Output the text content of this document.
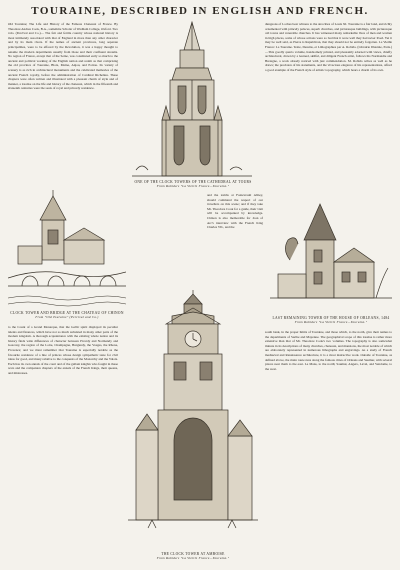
TOURAINE, DESCRIBED IN ENGLISH AND FRENCH.

Old Touraine; The Life and History of the Famous Chateaux of France. By Theodore Andrea Cook, B.A., sometime Scholar of Wadham College, Oxford. Two vols. (Percival and Co.)— The fair and fertile country whose national history is most intimately associated with that of England in more than any other character and by its main rivers. If the names of ancient provinces, long separate principalities, were to be effaced by the Revolution, it was a happy thought to rename the modern departments usually from those and their confluent streams. No region of France, except that of the Seine, was constituted early so much to the ancient and political working of the English nation and realm as that comprising the old province of Touraine, Blois, Maine, Anjou, and Poitou. Its variety of scenery is as rich in architectural monuments and the celebrated memories of the ancient French royalty, before the administration of Cardinal Richelieu. These chapters were often written and illustrated with a pleasant charm of style and of manner, a treatise on the life and history of the chateaux, which in the fifteenth and sixteenth centuries were the seats of royal and princely residence.

dungeons of Loches bear witness to the atrocities of Louis XI. Touraine is a fair land, and richly ornamented with princely palaces, superb churches, and picturesque buildings, with picturesque old towns and venerable churches. It has witnessed many remarkable lives of men and women in high places, some of whose actions were so bad that it were well they had never lived. Yet it may be well said, as Pierre is Republican, that they should not be entirely forgotten. La Vieille France: La Touraine. Texte, Dessins, et Lithographies par A. Robida. (Librairie Illustrée, Paris.)—This goodly quarto volume, handsomely printed, and pleasantly adorned with views, chiefly architectural, drawn by a learned, skilful, and diligent French artist, follows his Normandie and Bretagne, a work already noticed with just commendation. M. Robida writes as well as he draws; the precision of his statements, and the vivacious elegance of his representations, afford a good example of the French style of artistic topography, which bears a charm of its own.

ONE OF THE CLOCK TOWERS OF THE CATHEDRAL AT TOURS
From Robida's "La Vieille France—Touraine."

and the tombs at Fontevrault Abbey, should command the respect of our travellers on this scene; and if they take Mr. Theodore Cook for a guide, their visit will be accompanied by knowledge. Chinon is also memorable for Joan of Arc's interview with the French King Charles VII., and the

CLOCK TOWER AND BRIDGE AT THE CHATEAU OF CHINON
From "Old Touraine" (Percival and Co.)	LAST REMAINING TOWER OF THE HOUSE OF ORLEANS, 1484
From Robida's "La Vieille France—Touraine."

to the Count of a Grand Monarque, that the Gallic spirit displayed its peculiar talents and finances, which have not so much subsisted in many other parts of the modern kingdom. A thorough acquaintance with the existing whole nation and its history finds wide differences of character between Picardy and Normandy and Gascony, the region of the Loire, Champagne, Burgundy, the Vosges, the Rhone, Provence; and we must remember that Touraine is especially notable as the favourite residence of a line of princes whose design sympathetic taste for civil ideas for good, and many relative to the conquests of the Monarchy and the Valois. Each has its own annals of the court and of the gallant knights who fought in these wars and the companion chapters of the annals of the French Kings, their queens, and mistresses.

THE CLOCK TOWER AT AMBOISE
From Robida's "La Vieille France—Touraine."

south bank, in the proper limits of Touraine, and those which, to the north, give their names to the departments of Sarthe and Mayenne. The geographical scope of this treatise is rather more extensive than that of Mr. Theodore Cook's two volumes. The topography is also somewhat minute in its descriptions of many churches, chateaux, and mansions, the most notable of which are elaborately represented in numerous lithographs and engravings. As a study of French mediaeval and Renaissance architecture, it is a most instructive work. Outside of Touraine, as defined above, the main route runs along the famous cities of Orleans and Saumur, with several places near them to the east. Le Mans, to the north; Saumur, Angers, Laval, and Vendome, to the west.
